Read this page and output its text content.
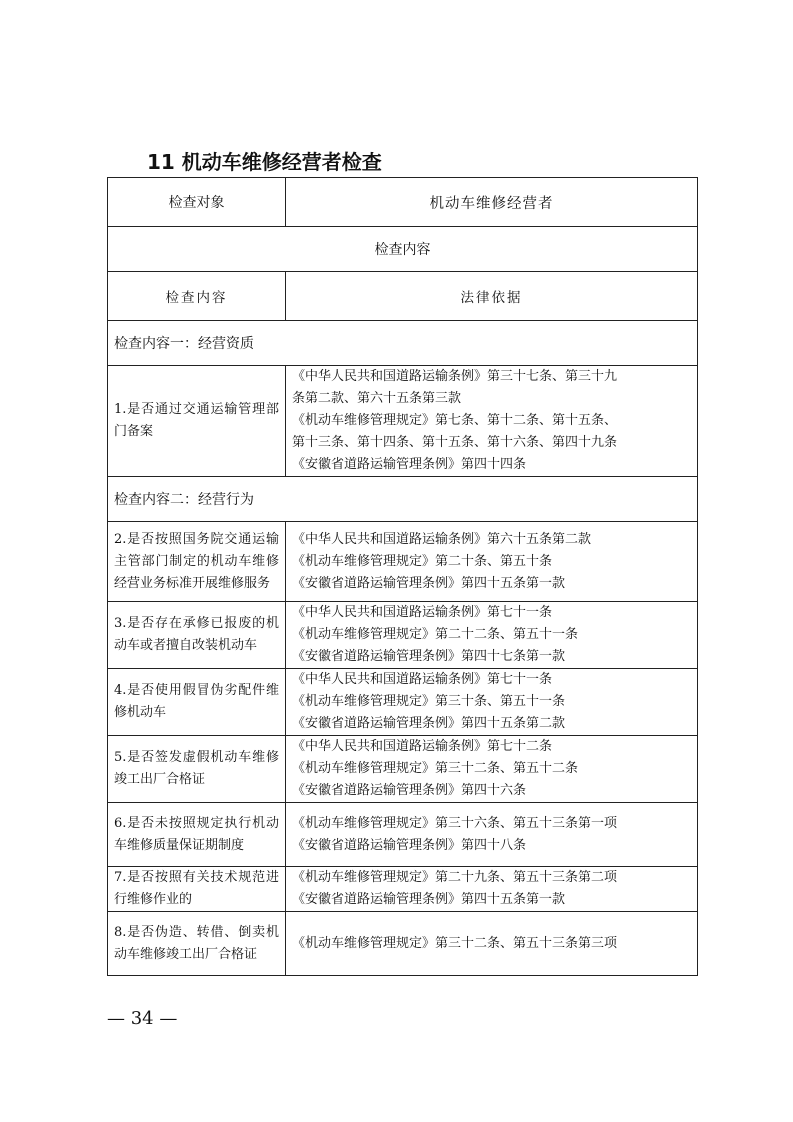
11 机动车维修经营者检查
检查对象	机动车维修经营者
检查内容	
检查内容	法律依据
检查内容一：经营资质	
1.是否通过交通运输管理部门备案	《中华人民共和国道路运输条例》第三十七条、第三十九
条第二款、第六十五条第三款
《机动车维修管理规定》第七条、第十二条、第十五条、
第十三条、第十四条、第十五条、第十六条、第四十九条
《安徽省道路运输管理条例》第四十四条

检查内容二：经营行为	
2.是否按照国务院交通运输主管部门制定的机动车维修经营业务标准开展维修服务	《中华人民共和国道路运输条例》第六十五条第二款
《机动车维修管理规定》第二十条、第五十条
《安徽省道路运输管理条例》第四十五条第一款

3.是否存在承修已报废的机动车或者擅自改装机动车	《中华人民共和国道路运输条例》第七十一条
《机动车维修管理规定》第二十二条、第五十一条
《安徽省道路运输管理条例》第四十七条第一款

4.是否使用假冒伪劣配件维修机动车	《中华人民共和国道路运输条例》第七十一条
《机动车维修管理规定》第三十条、第五十一条
《安徽省道路运输管理条例》第四十五条第二款

5.是否签发虚假机动车维修竣工出厂合格证	《中华人民共和国道路运输条例》第七十二条
《机动车维修管理规定》第三十二条、第五十二条
《安徽省道路运输管理条例》第四十六条

6.是否未按照规定执行机动车维修质量保证期制度	《机动车维修管理规定》第三十六条、第五十三条第一项
《安徽省道路运输管理条例》第四十八条

7.是否按照有关技术规范进行维修作业的	《机动车维修管理规定》第二十九条、第五十三条第二项
《安徽省道路运输管理条例》第四十五条第一款

8.是否伪造、转借、倒卖机动车维修竣工出厂合格证	《机动车维修管理规定》第三十二条、第五十三条第三项
— 34 —
